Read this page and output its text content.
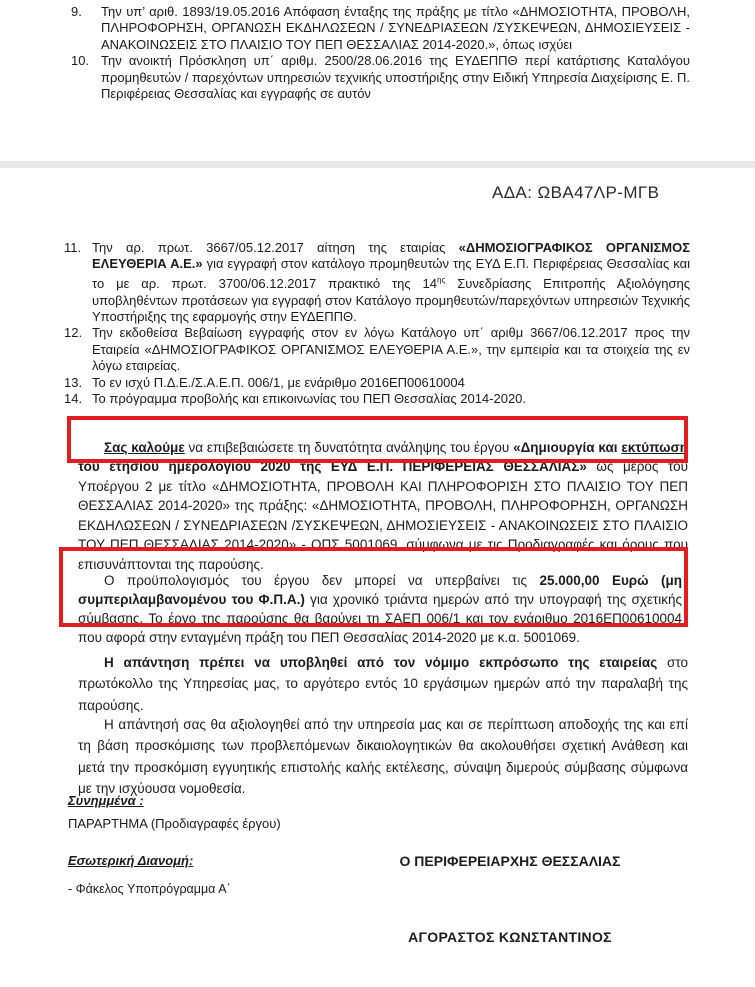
9. Την υπ’ αριθ. 1893/19.05.2016 Απόφαση ένταξης της πράξης με τίτλο «ΔΗΜΟΣΙΟΤΗΤΑ, ΠΡΟΒΟΛΗ, ΠΛΗΡΟΦΟΡΗΣΗ, ΟΡΓΑΝΩΣΗ ΕΚΔΗΛΩΣΕΩΝ / ΣΥΝΕΔΡΙΑΣΕΩΝ /ΣΥΣΚΕΨΕΩΝ, ΔΗΜΟΣΙΕΥΣΕΙΣ - ΑΝΑΚΟΙΝΩΣΕΙΣ ΣΤΟ ΠΛΑΙΣΙΟ ΤΟΥ ΠΕΠ ΘΕΣΣΑΛΙΑΣ 2014-2020.», όπως ισχύει
10. Την ανοικτή Πρόσκληση υπ΄ αριθμ. 2500/28.06.2016 της ΕΥΔΕΠΠΘ περί κατάρτισης Καταλόγου προμηθευτών / παρεχόντων υπηρεσιών τεχνικής υποστήριξης στην Ειδική Υπηρεσία Διαχείρισης Ε. Π. Περιφέρειας Θεσσαλίας και εγγραφής σε αυτόν
ΑΔΑ: ΩΒΑ47ΛΡ-ΜΓΒ
11. Την αρ. πρωτ. 3667/05.12.2017 αίτηση της εταιρίας «ΔΗΜΟΣΙΟΓΡΑΦΙΚΟΣ ΟΡΓΑΝΙΣΜΟΣ ΕΛΕΥΘΕΡΙΑ Α.Ε.» για εγγραφή στον κατάλογο προμηθευτών της ΕΥΔ Ε.Π. Περιφέρειας Θεσσαλίας και το με αρ. πρωτ. 3700/06.12.2017 πρακτικό της $14^{\eta\varsigma}$ Συνεδρίασης Επιτροπής Αξιολόγησης υποβληθέντων προτάσεων για εγγραφή στον Κατάλογο προμηθευτών/παρεχόντων υπηρεσιών Τεχνικής Υποστήριξης της εφαρμογής στην ΕΥΔΕΠΠΘ.
12. Την εκδοθείσα Βεβαίωση εγγραφής στον εν λόγω Κατάλογο υπ΄ αριθμ 3667/06.12.2017 προς την Εταιρεία «ΔΗΜΟΣΙΟΓΡΑΦΙΚΟΣ ΟΡΓΑΝΙΣΜΟΣ ΕΛΕΥΘΕΡΙΑ Α.Ε.», την εμπειρία και τα στοιχεία της εν λόγω εταιρείας.
13. Το εν ισχύ Π.Δ.Ε./Σ.Α.Ε.Π. 006/1, με ενάριθμο 2016ΕΠ00610004
14. Το πρόγραμμα προβολής και επικοινωνίας του ΠΕΠ Θεσσαλίας 2014-2020.

Σας καλούμε να επιβεβαιώσετε τη δυνατότητα ανάληψης του έργου «Δημιουργία και εκτύπωση του ετησίου ημερολογίου 2020 της ΕΥΔ Ε.Π. ΠΕΡΙΦΕΡΕΙΑΣ ΘΕΣΣΑΛΙΑΣ» ως μέρος του Υποέργου 2 με τίτλο «ΔΗΜΟΣΙΟΤΗΤΑ, ΠΡΟΒΟΛΗ ΚΑΙ ΠΛΗΡΟΦΟΡΙΣΗ ΣΤΟ ΠΛΑΙΣΙΟ ΤΟΥ ΠΕΠ ΘΕΣΣΑΛΙΑΣ 2014-2020» της πράξης: «ΔΗΜΟΣΙΟΤΗΤΑ, ΠΡΟΒΟΛΗ, ΠΛΗΡΟΦΟΡΗΣΗ, ΟΡΓΑΝΩΣΗ ΕΚΔΗΛΩΣΕΩΝ / ΣΥΝΕΔΡΙΑΣΕΩΝ /ΣΥΣΚΕΨΕΩΝ, ΔΗΜΟΣΙΕΥΣΕΙΣ - ΑΝΑΚΟΙΝΩΣΕΙΣ ΣΤΟ ΠΛΑΙΣΙΟ ΤΟΥ ΠΕΠ ΘΕΣΣΑΛΙΑΣ 2014-2020» - ΟΠΣ 5001069, σύμφωνα με τις Προδιαγραφές και όρους που επισυνάπτονται της παρούσης.

Ο προϋπολογισμός του έργου δεν μπορεί να υπερβαίνει τις 25.000,00 Ευρώ (μη συμπεριλαμβανομένου του Φ.Π.Α.) για χρονικό τριάντα ημερών από την υπογραφή της σχετικής σύμβασης. Το έργο της παρούσης θα βαρύνει τη ΣΑΕΠ 006/1 και τον ενάριθμο 2016ΕΠ00610004 που αφορά στην ενταγμένη πράξη του ΠΕΠ Θεσσαλίας 2014-2020 με κ.α. 5001069.

Η απάντηση πρέπει να υποβληθεί από τον νόμιμο εκπρόσωπο της εταιρείας στο πρωτόκολλο της Υπηρεσίας μας, το αργότερο εντός 10 εργάσιμων ημερών από την παραλαβή της παρούσης.

Η απάντησή σας θα αξιολογηθεί από την υπηρεσία μας και σε περίπτωση αποδοχής της και επί τη βάση προσκόμισης των προβλεπόμενων δικαιολογητικών θα ακολουθήσει σχετική Ανάθεση και μετά την προσκόμιση εγγυητικής επιστολής καλής εκτέλεσης, σύναψη διμερούς σύμβασης σύμφωνα με την ισχύουσα νομοθεσία.

Συνημμένα :
ΠΑΡΑΡΤΗΜΑ (Προδιαγραφές έργου)
Εσωτερική Διανομή:
- Φάκελος Υποπρόγραμμα Α΄
Ο ΠΕΡΙΦΕΡΕΙΑΡΧΗΣ ΘΕΣΣΑΛΙΑΣ
ΑΓΟΡΑΣΤΟΣ ΚΩΝΣΤΑΝΤΙΝΟΣ
